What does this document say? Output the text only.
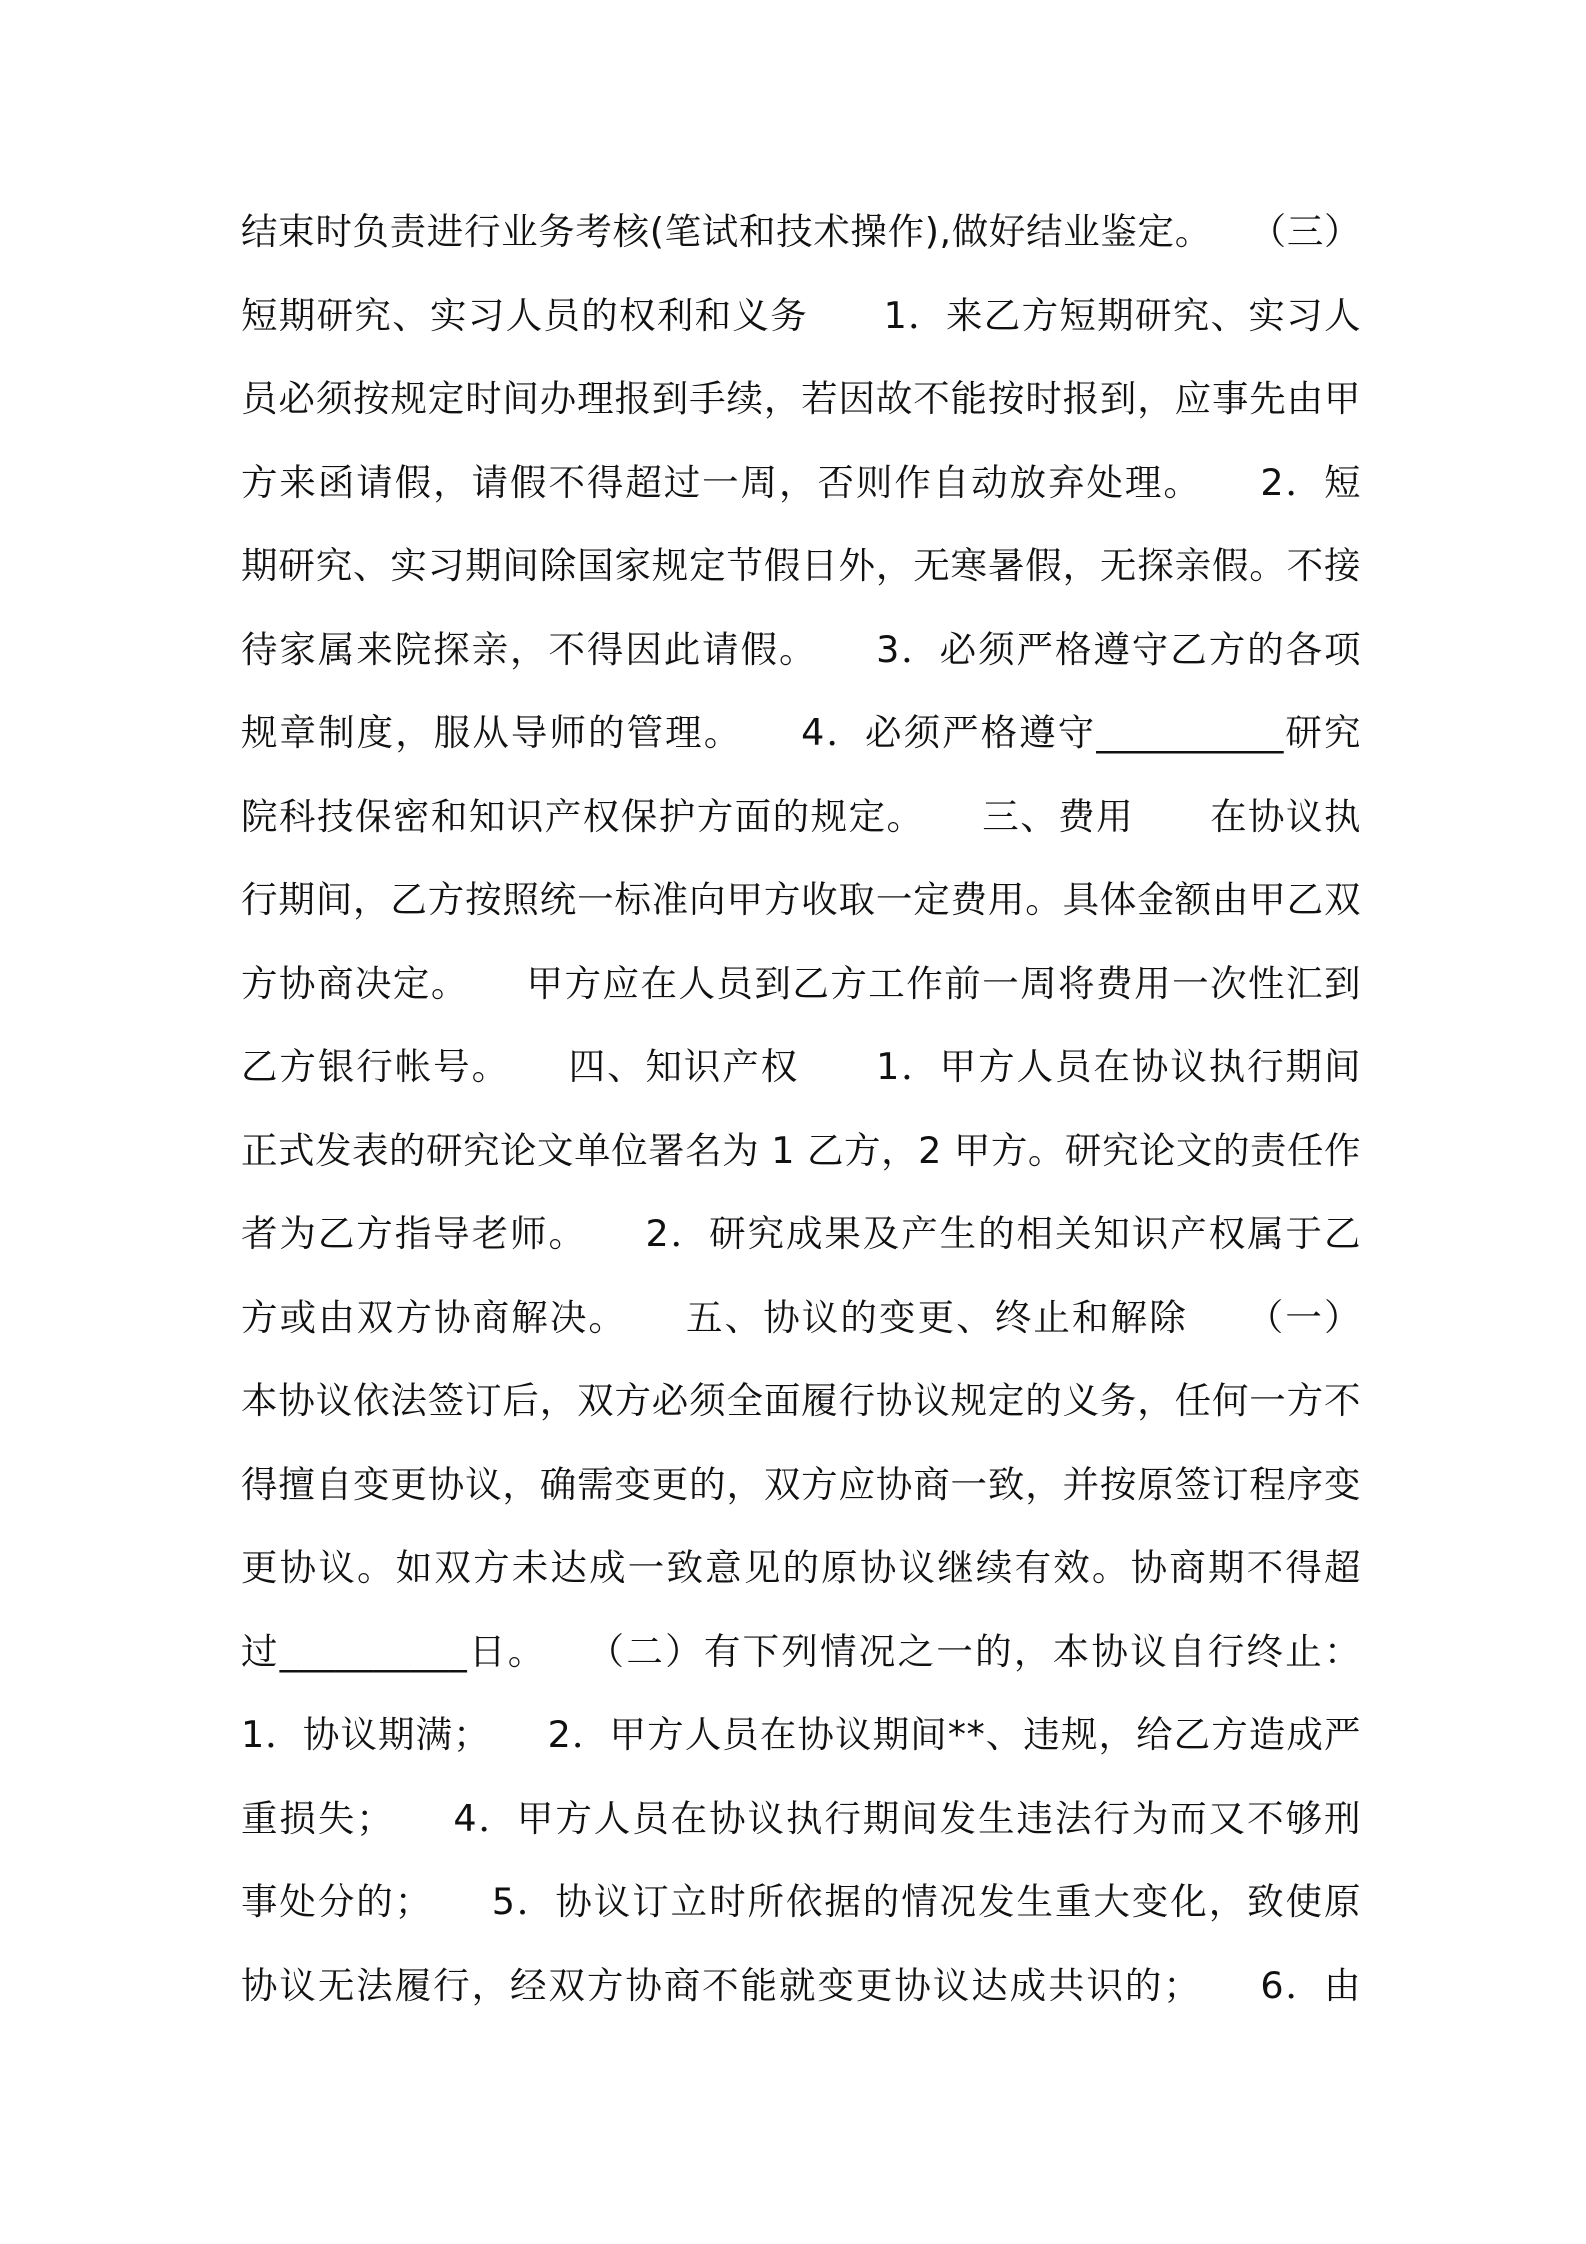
结束时负责进行业务考核(笔试和技术操作),做好结业鉴定。　　（三）
短期研究、实习人员的权利和义务　　1．来乙方短期研究、实习人
员必须按规定时间办理报到手续，若因故不能按时报到，应事先由甲
方来函请假，请假不得超过一周，否则作自动放弃处理。　　2．短
期研究、实习期间除国家规定节假日外，无寒暑假，无探亲假。不接
待家属来院探亲，不得因此请假。　　3．必须严格遵守乙方的各项
规章制度，服从导师的管理。　　4．必须严格遵守__________研究
院科技保密和知识产权保护方面的规定。　　三、费用　　在协议执
行期间，乙方按照统一标准向甲方收取一定费用。具体金额由甲乙双
方协商决定。　　甲方应在人员到乙方工作前一周将费用一次性汇到
乙方银行帐号。　　四、知识产权　　1．甲方人员在协议执行期间
正式发表的研究论文单位署名为 1 乙方，2 甲方。研究论文的责任作
者为乙方指导老师。　　2．研究成果及产生的相关知识产权属于乙
方或由双方协商解决。　　五、协议的变更、终止和解除　　（一）
本协议依法签订后，双方必须全面履行协议规定的义务，任何一方不
得擅自变更协议，确需变更的，双方应协商一致，并按原签订程序变
更协议。如双方未达成一致意见的原协议继续有效。协商期不得超
过__________日。　　（二）有下列情况之一的，本协议自行终止：
1．协议期满；　　2．甲方人员在协议期间**、违规，给乙方造成严
重损失；　　4．甲方人员在协议执行期间发生违法行为而又不够刑
事处分的；　　5．协议订立时所依据的情况发生重大变化，致使原
协议无法履行，经双方协商不能就变更协议达成共识的；　　6．由
